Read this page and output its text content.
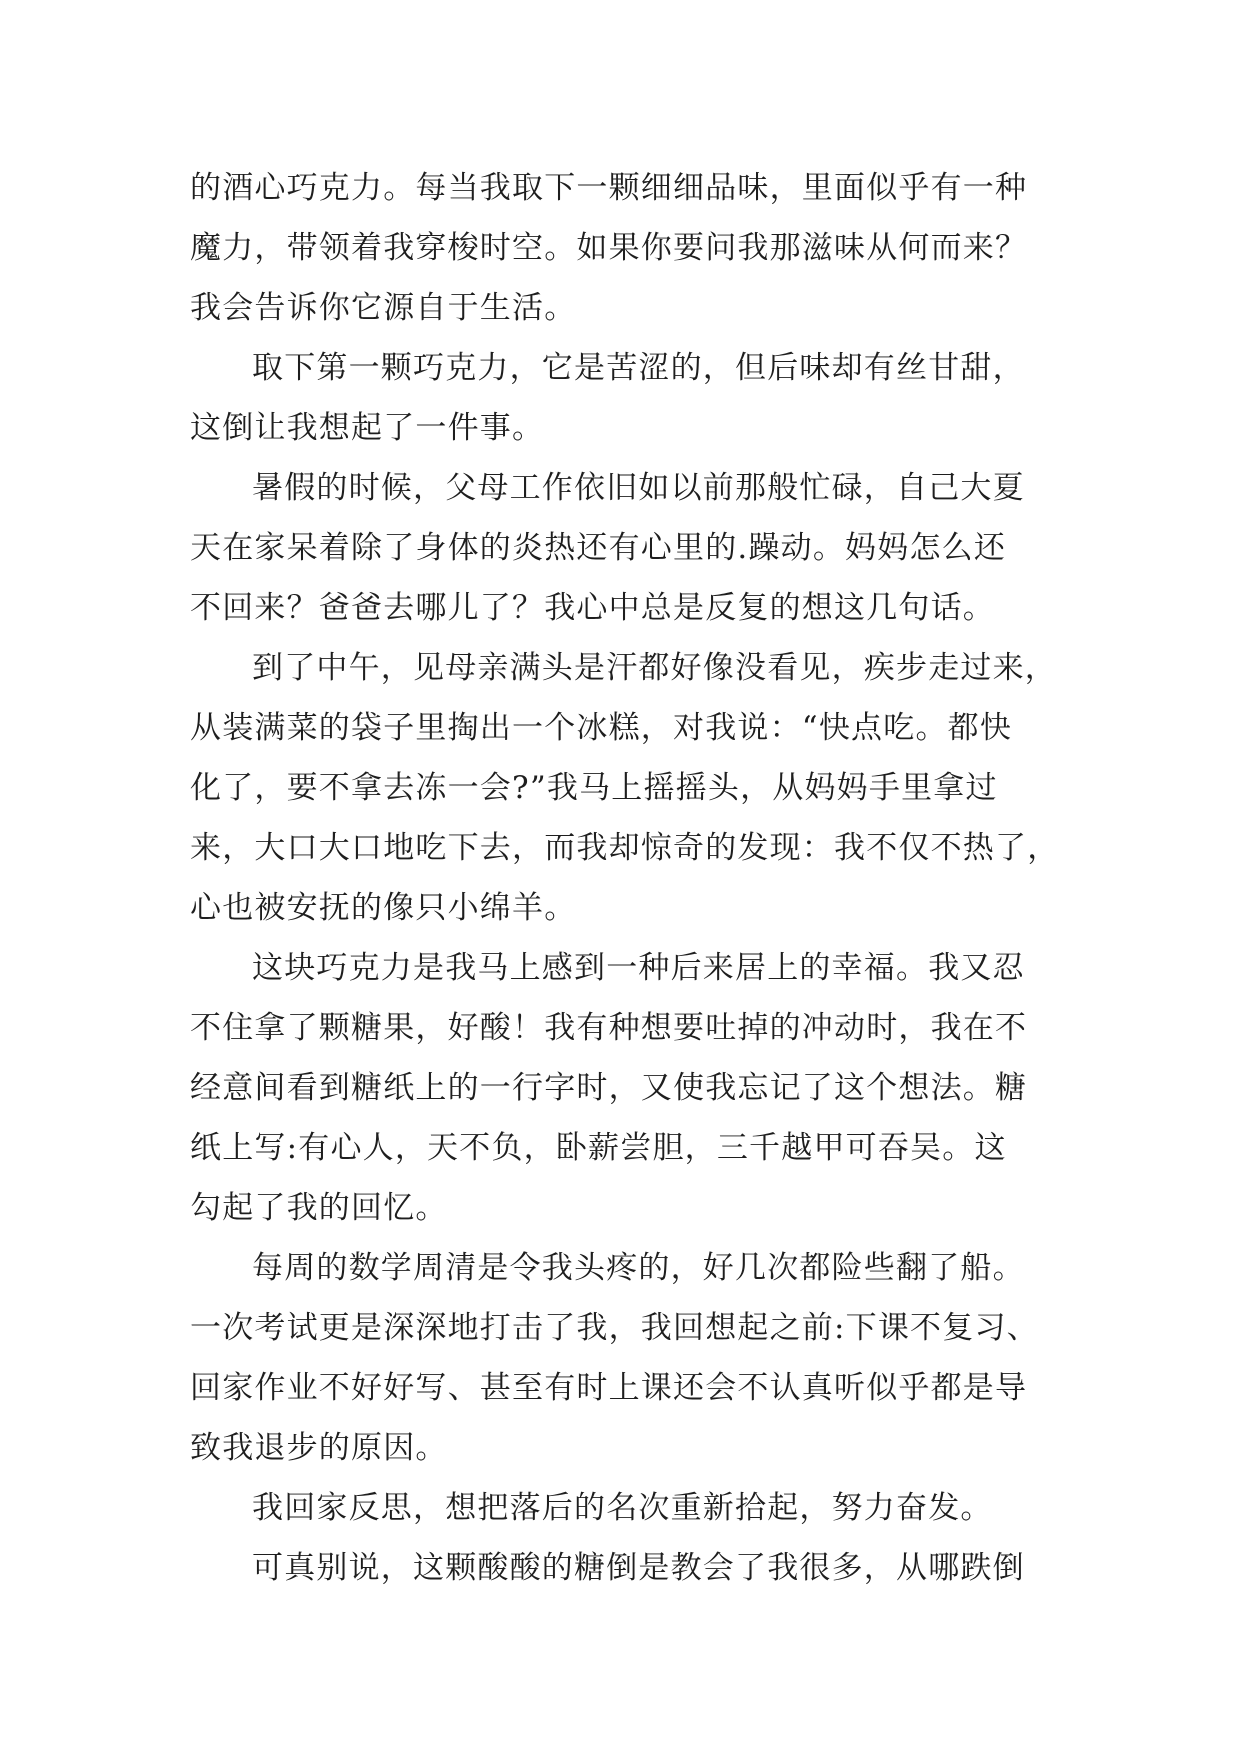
的酒心巧克力。每当我取下一颗细细品味，里面似乎有一种
魔力，带领着我穿梭时空。如果你要问我那滋味从何而来？
我会告诉你它源自于生活。
取下第一颗巧克力，它是苦涩的，但后味却有丝甘甜，
这倒让我想起了一件事。
暑假的时候，父母工作依旧如以前那般忙碌，自己大夏
天在家呆着除了身体的炎热还有心里的.躁动。妈妈怎么还
不回来？爸爸去哪儿了？我心中总是反复的想这几句话。
到了中午，见母亲满头是汗都好像没看见，疾步走过来，
从装满菜的袋子里掏出一个冰糕，对我说：“快点吃。都快
化了，要不拿去冻一会?”我马上摇摇头，从妈妈手里拿过
来，大口大口地吃下去，而我却惊奇的发现：我不仅不热了，
心也被安抚的像只小绵羊。
这块巧克力是我马上感到一种后来居上的幸福。我又忍
不住拿了颗糖果，好酸！我有种想要吐掉的冲动时，我在不
经意间看到糖纸上的一行字时，又使我忘记了这个想法。糖
纸上写:有心人，天不负，卧薪尝胆，三千越甲可吞吴。这
勾起了我的回忆。
每周的数学周清是令我头疼的，好几次都险些翻了船。
一次考试更是深深地打击了我，我回想起之前:下课不复习、
回家作业不好好写、甚至有时上课还会不认真听似乎都是导
致我退步的原因。
我回家反思，想把落后的名次重新拾起，努力奋发。
可真别说，这颗酸酸的糖倒是教会了我很多，从哪跌倒
